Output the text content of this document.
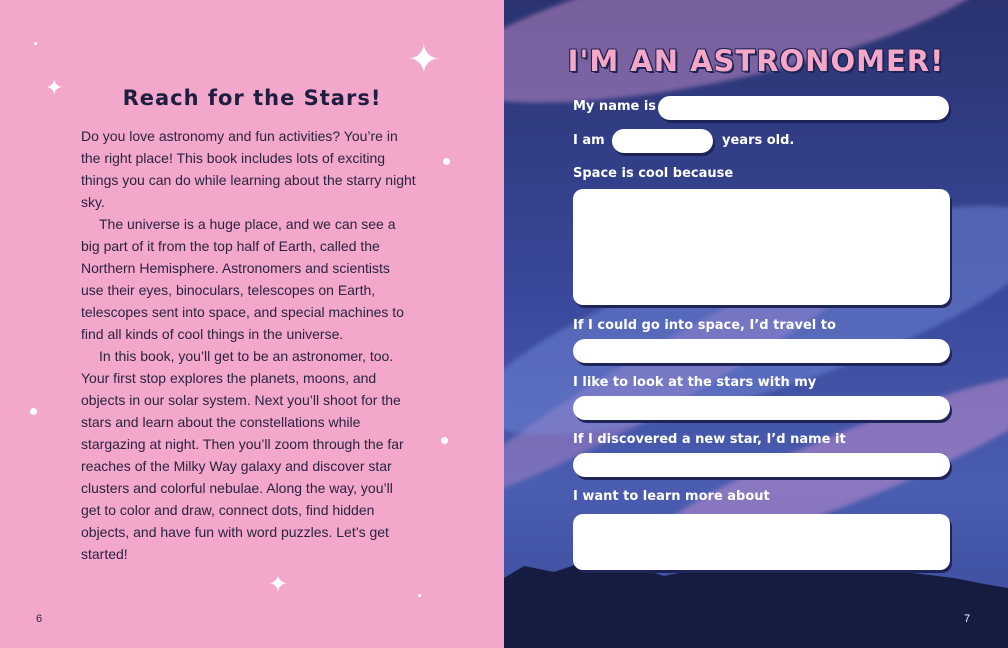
✦
✦
✦
Reach for the Stars!

Do you love astronomy and fun activities? You’re in the right place! This book includes lots of exciting things you can do while learning about the starry night sky.

The universe is a huge place, and we can see a big part of it from the top half of Earth, called the Northern Hemisphere. Astronomers and scientists use their eyes, binoculars, telescopes on Earth, telescopes sent into space, and special machines to find all kinds of cool things in the universe.

In this book, you’ll get to be an astronomer, too. Your first stop explores the planets, moons, and objects in our solar system. Next you’ll shoot for the stars and learn about the constellations while stargazing at night. Then you’ll zoom through the far reaches of the Milky Way galaxy and discover star clusters and colorful nebulae. Along the way, you’ll get to color and draw, connect dots, find hidden objects, and have fun with word puzzles. Let’s get started!

6
I'M AN ASTRONOMER!
My name is
I am	years old.
Space is cool because
If I could go into space, I’d travel to
I like to look at the stars with my
If I discovered a new star, I’d name it
I want to learn more about
7
